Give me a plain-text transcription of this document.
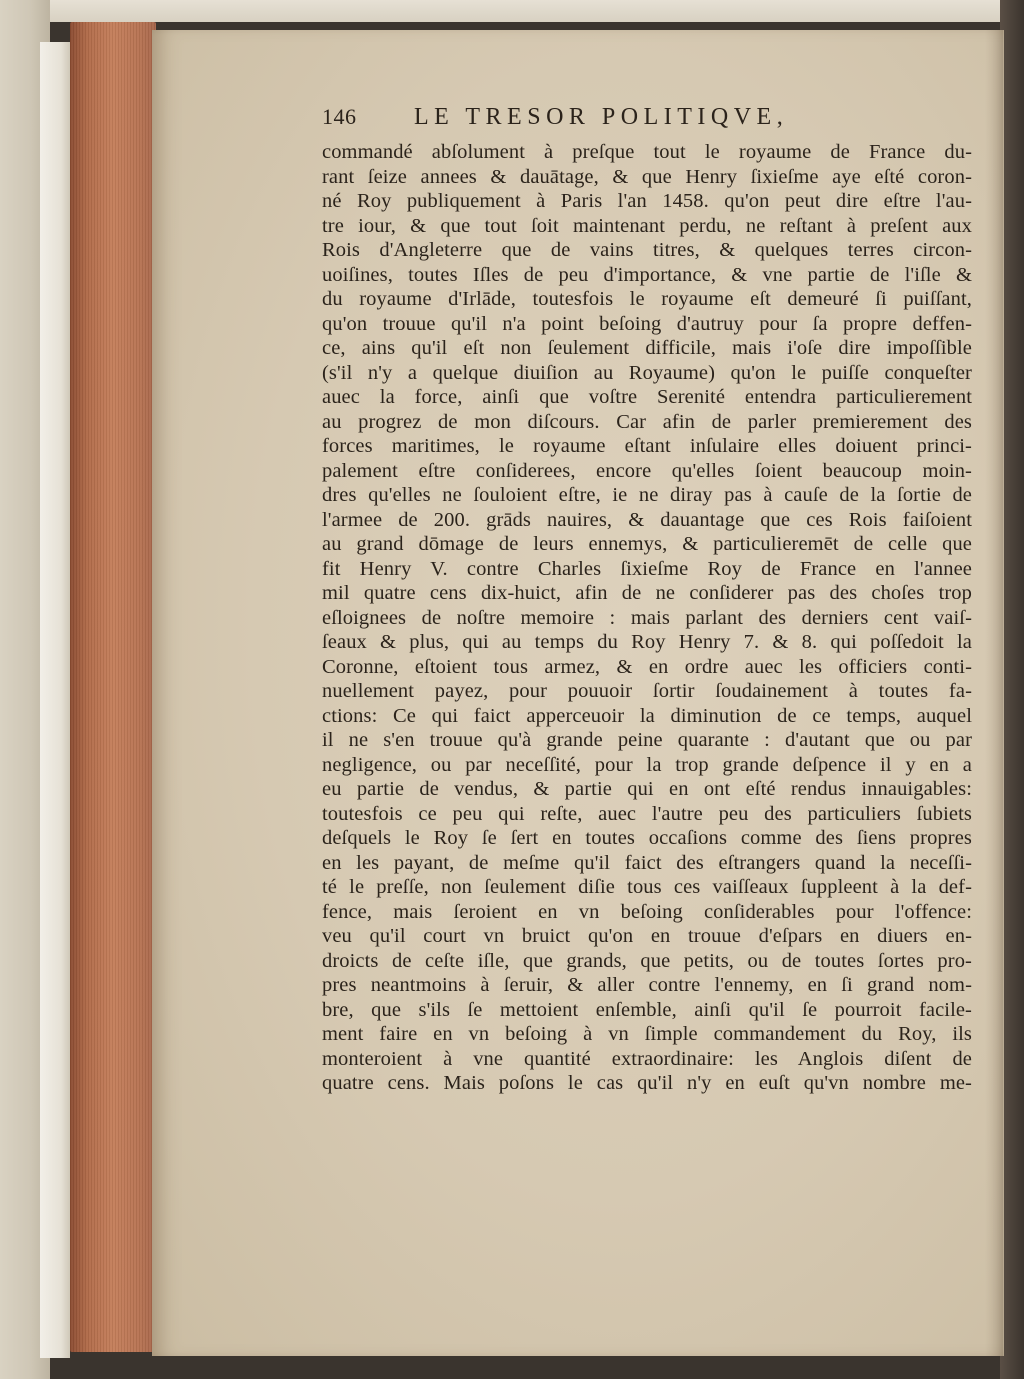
146	LE TRESOR POLITIQVE,
commandé abſolument à preſque tout le royaume de France du-
rant ſeize annees & dauātage, & que Henry ſixieſme aye eſté coron-
né Roy publiquement à Paris l'an 1458. qu'on peut dire eſtre l'au-
tre iour, & que tout ſoit maintenant perdu, ne reſtant à preſent aux
Rois d'Angleterre que de vains titres, & quelques terres circon-
uoiſines, toutes Iſles de peu d'importance, & vne partie de l'iſle &
du royaume d'Irlāde, toutesfois le royaume eſt demeuré ſi puiſſant,
qu'on trouue qu'il n'a point beſoing d'autruy pour ſa propre deffen-
ce, ains qu'il eſt non ſeulement difficile, mais i'oſe dire impoſſible
(s'il n'y a quelque diuiſion au Royaume) qu'on le puiſſe conqueſter
auec la force, ainſi que voſtre Serenité entendra particulierement
au progrez de mon diſcours. Car afin de parler premierement des
forces maritimes, le royaume eſtant inſulaire elles doiuent princi-
palement eſtre conſiderees, encore qu'elles ſoient beaucoup moin-
dres qu'elles ne ſouloient eſtre, ie ne diray pas à cauſe de la ſortie de
l'armee de 200. grāds nauires, & dauantage que ces Rois faiſoient
au grand dōmage de leurs ennemys, & particulieremēt de celle que
fit Henry V. contre Charles ſixieſme Roy de France en l'annee
mil quatre cens dix-huict, afin de ne conſiderer pas des choſes trop
eſloignees de noſtre memoire : mais parlant des derniers cent vaiſ-
ſeaux & plus, qui au temps du Roy Henry 7. & 8. qui poſſedoit la
Coronne, eſtoient tous armez, & en ordre auec les officiers conti-
nuellement payez, pour pouuoir ſortir ſoudainement à toutes fa-
ctions: Ce qui faict apperceuoir la diminution de ce temps, auquel
il ne s'en trouue qu'à grande peine quarante : d'autant que ou par
negligence, ou par neceſſité, pour la trop grande deſpence il y en a
eu partie de vendus, & partie qui en ont eſté rendus innauigables:
toutesfois ce peu qui reſte, auec l'autre peu des particuliers ſubiets
deſquels le Roy ſe ſert en toutes occaſions comme des ſiens propres
en les payant, de meſme qu'il faict des eſtrangers quand la neceſſi-
té le preſſe, non ſeulement diſie tous ces vaiſſeaux ſuppleent à la def-
fence, mais ſeroient en vn beſoing conſiderables pour l'offence:
veu qu'il court vn bruict qu'on en trouue d'eſpars en diuers en-
droicts de ceſte iſle, que grands, que petits, ou de toutes ſortes pro-
pres neantmoins à ſeruir, & aller contre l'ennemy, en ſi grand nom-
bre, que s'ils ſe mettoient enſemble, ainſi qu'il ſe pourroit facile-
ment faire en vn beſoing à vn ſimple commandement du Roy, ils
monteroient à vne quantité extraordinaire: les Anglois diſent de
quatre cens. Mais poſons le cas qu'il n'y en euſt qu'vn nombre me-
